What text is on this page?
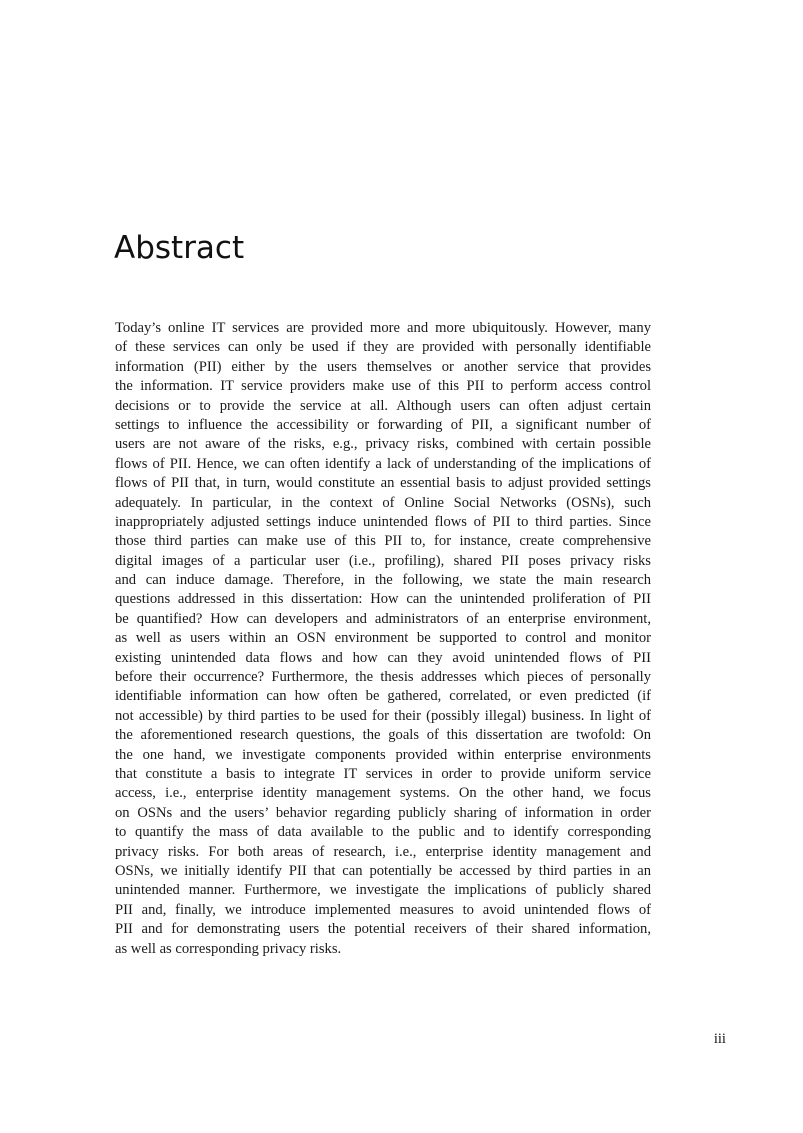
Abstract
Today’s online IT services are provided more and more ubiquitously. However, many
of these services can only be used if they are provided with personally identifiable
information (PII) either by the users themselves or another service that provides
the information. IT service providers make use of this PII to perform access control
decisions or to provide the service at all. Although users can often adjust certain
settings to influence the accessibility or forwarding of PII, a significant number of
users are not aware of the risks, e.g., privacy risks, combined with certain possible
flows of PII. Hence, we can often identify a lack of understanding of the implications of
flows of PII that, in turn, would constitute an essential basis to adjust provided settings
adequately. In particular, in the context of Online Social Networks (OSNs), such
inappropriately adjusted settings induce unintended flows of PII to third parties. Since
those third parties can make use of this PII to, for instance, create comprehensive
digital images of a particular user (i.e., profiling), shared PII poses privacy risks
and can induce damage. Therefore, in the following, we state the main research
questions addressed in this dissertation: How can the unintended proliferation of PII
be quantified? How can developers and administrators of an enterprise environment,
as well as users within an OSN environment be supported to control and monitor
existing unintended data flows and how can they avoid unintended flows of PII
before their occurrence? Furthermore, the thesis addresses which pieces of personally
identifiable information can how often be gathered, correlated, or even predicted (if
not accessible) by third parties to be used for their (possibly illegal) business. In light of
the aforementioned research questions, the goals of this dissertation are twofold: On
the one hand, we investigate components provided within enterprise environments
that constitute a basis to integrate IT services in order to provide uniform service
access, i.e., enterprise identity management systems. On the other hand, we focus
on OSNs and the users’ behavior regarding publicly sharing of information in order
to quantify the mass of data available to the public and to identify corresponding
privacy risks. For both areas of research, i.e., enterprise identity management and
OSNs, we initially identify PII that can potentially be accessed by third parties in an
unintended manner. Furthermore, we investigate the implications of publicly shared
PII and, finally, we introduce implemented measures to avoid unintended flows of
PII and for demonstrating users the potential receivers of their shared information,
as well as corresponding privacy risks.
iii
